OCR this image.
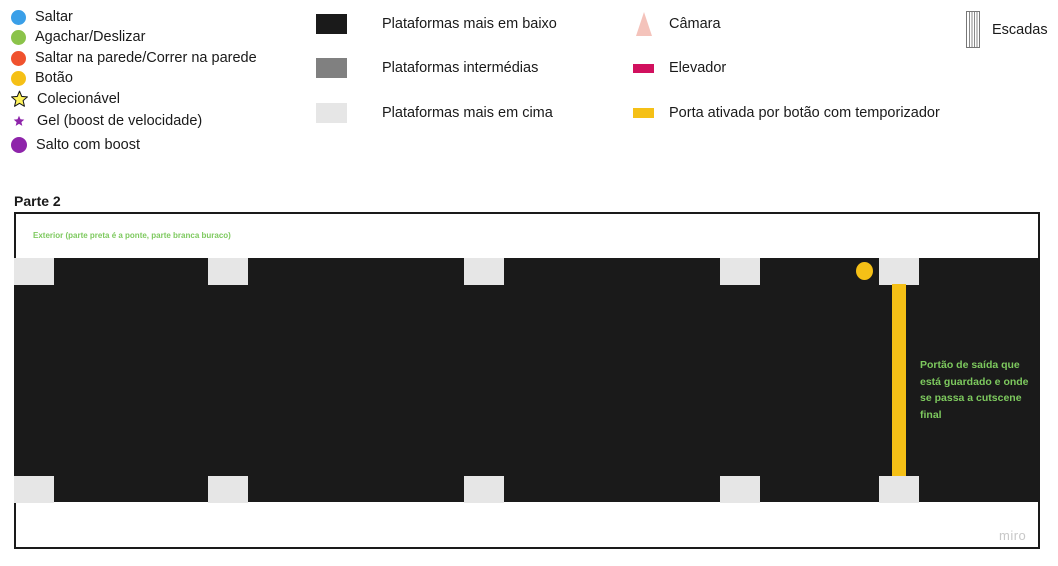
Saltar
Agachar/Deslizar
Saltar na parede/Correr na parede
Botão
Colecionável
Gel (boost de velocidade)
Salto com boost
Plataformas mais em baixo
Plataformas intermédias
Plataformas mais em cima
Câmara
Elevador
Porta ativada por botão com temporizador
Escadas
Parte 2
Exterior (parte preta é a ponte, parte branca buraco)
Portão de saída que está guardado e onde se passa a cutscene final
miro
